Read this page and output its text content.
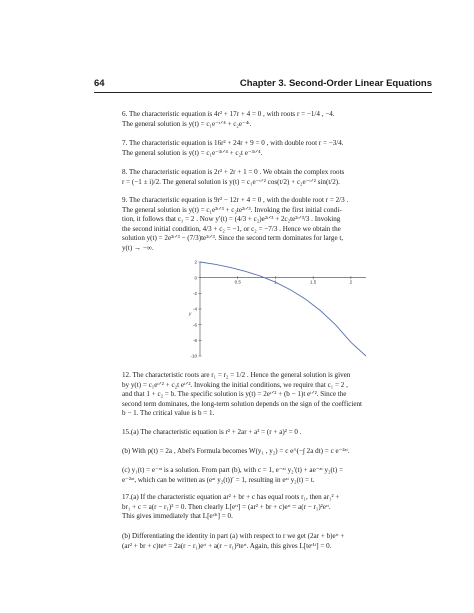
64	Chapter 3. Second-Order Linear Equations

6. The characteristic equation is 4r² + 17r + 4 = 0 , with roots r = −1/4 , −4.

The general solution is y(t) = c₁e⁻ᵗᐟ⁴ + c₂e⁻⁴ᵗ.

7. The characteristic equation is 16r² + 24r + 9 = 0 , with double root r = −3/4.

The general solution is y(t) = c₁e⁻³ᵗᐟ⁴ + c₂t e⁻³ᵗᐟ⁴.

8. The characteristic equation is 2r² + 2r + 1 = 0 . We obtain the complex roots

r = (−1 ± i)/2. The general solution is y(t) = c₁e⁻ᵗᐟ² cos(t/2) + c₂e⁻ᵗᐟ² sin(t/2).

9. The characteristic equation is 9r² − 12r + 4 = 0 , with the double root r = 2/3 .

The general solution is y(t) = c₁e²ᵗᐟ³ + c₂te²ᵗᐟ³. Invoking the first initial condi-

tion, it follows that c₁ = 2 . Now y′(t) = (4/3 + c₂)e²ᵗᐟ³ + 2c₂te²ᵗᐟ³/3 . Invoking

the second initial condition, 4/3 + c₂ = −1, or c₂ = −7/3 . Hence we obtain the

solution y(t) = 2e²ᵗᐟ³ − (7/3)te²ᵗᐟ³. Since the second term dominates for large t,

y(t) → −∞.

0.5	1	1.5	2
2
0
-2
-4
-6
-8
-10
y

12. The characteristic roots are r₁ = r₂ = 1/2 . Hence the general solution is given

by y(t) = c₁eᵗᐟ² + c₂t eᵗᐟ². Invoking the initial conditions, we require that c₁ = 2 ,

and that 1 + c₂ = b. The specific solution is y(t) = 2eᵗᐟ² + (b − 1)t eᵗᐟ². Since the

second term dominates, the long-term solution depends on the sign of the coefficient

b − 1. The critical value is b = 1.

15.(a) The characteristic equation is r² + 2ar + a² = (r + a)² = 0 .

(b) With p(t) = 2a , Abel's Formula becomes W(y₁ , y₂) = c e^(−∫ 2a dt) = c e⁻²ᵃᵗ.

(c) y₁(t) = e⁻ᵃᵗ is a solution. From part (b), with c = 1, e⁻ᵃᵗ y₂′(t) + ae⁻ᵃᵗ y₂(t) =

e⁻²ᵃᵗ, which can be written as (eᵃᵗ y₂(t))′ = 1, resulting in eᵃᵗ y₂(t) = t.

17.(a) If the characteristic equation ar² + br + c has equal roots r₁, then ar₁² +

br₁ + c = a(r − r₁)² = 0. Then clearly L[eʳᵗ] = (ar² + br + c)eʳᵗ = a(r − r₁)²eʳᵗ.

This gives immediately that L[eʳ¹ᵗ] = 0.

(b) Differentiating the identity in part (a) with respect to r we get (2ar + b)eʳᵗ +

(ar² + br + c)teʳᵗ = 2a(r − r₁)eʳᵗ + a(r − r₁)²teʳᵗ. Again, this gives L[teʳ¹ᵗ] = 0.
